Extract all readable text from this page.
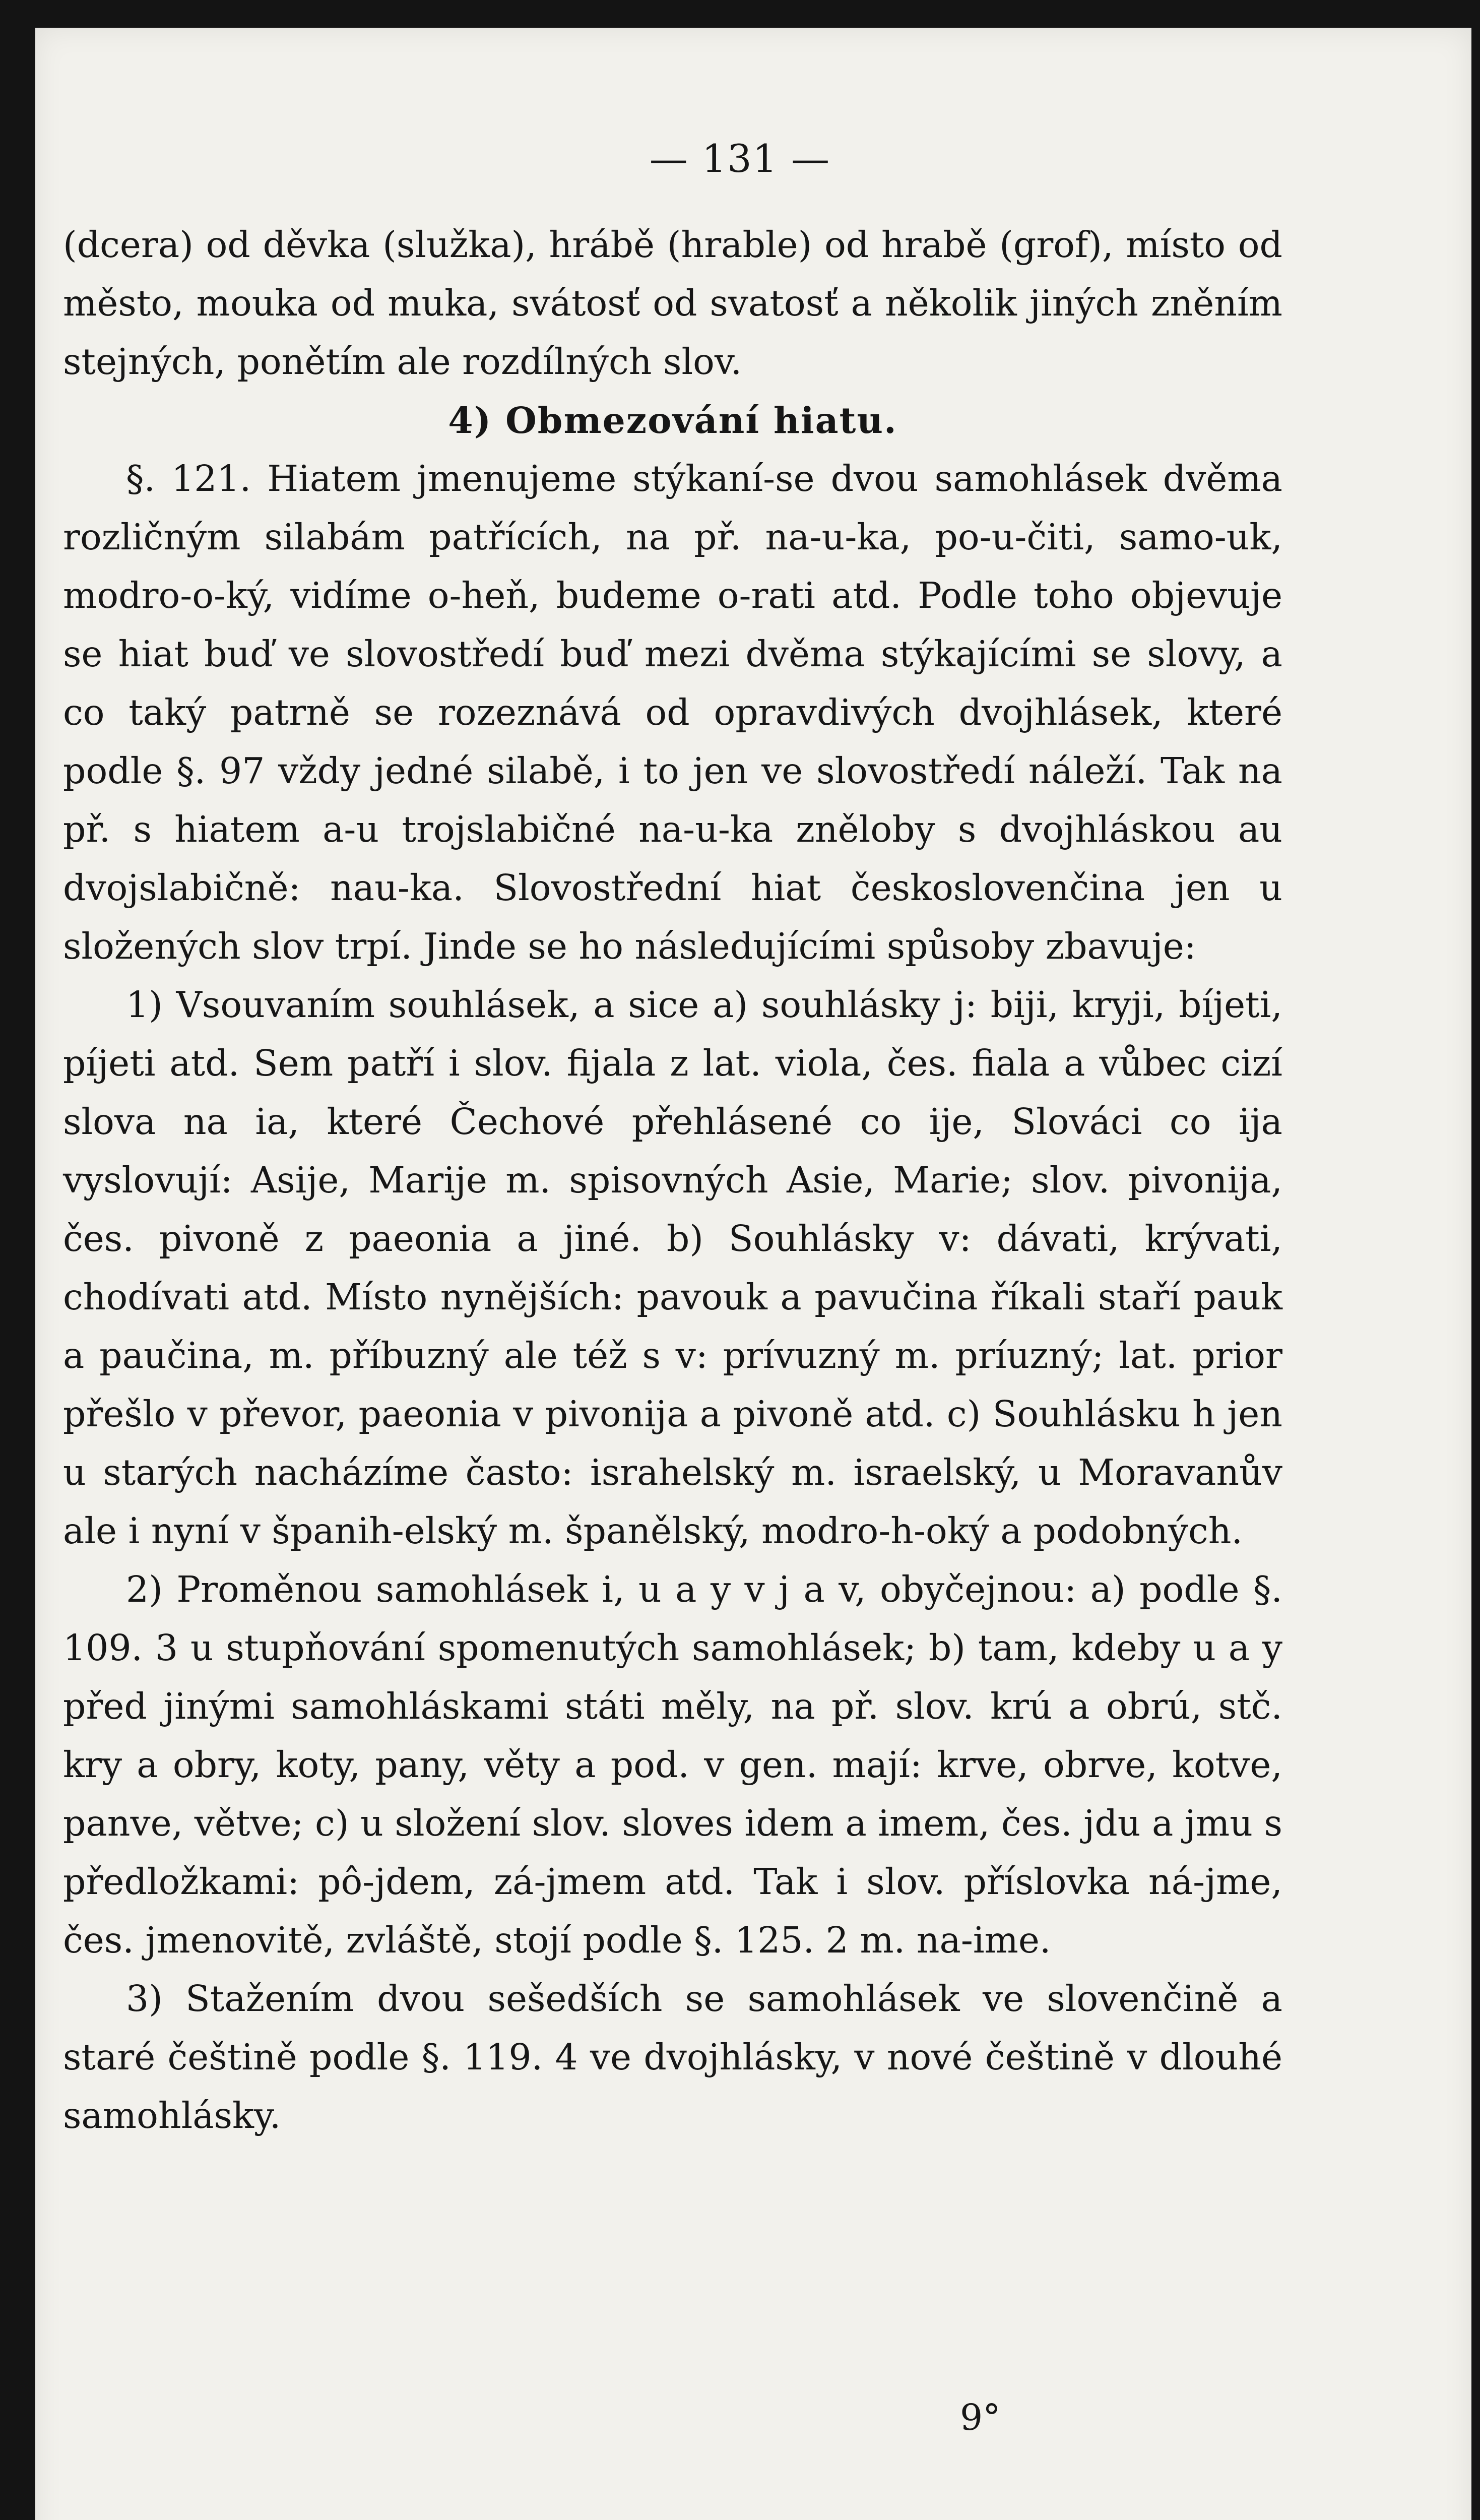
— 131 —

(dcera) od děvka (služka), hrábě (hrable) od hrabě (grof), místo od město, mouka od muka, svátosť od svatosť a několik jiných zněním stejných, ponětím ale rozdílných slov.

4) Obmezování hiatu.

§. 121. Hiatem jmenujeme stýkaní-se dvou samohlásek dvěma rozličným silabám patřících, na př. na-u-ka, po-u-čiti, samo-uk, modro-o-ký, vidíme o-heň, budeme o-rati atd. Podle toho objevuje se hiat buď ve slovostředí buď mezi dvěma stýkajícími se slovy, a co taký patrně se rozeznává od opravdivých dvojhlásek, které podle §. 97 vždy jedné silabě, i to jen ve slovostředí náleží. Tak na př. s hiatem a-u trojslabičné na-u-ka zněloby s dvojhláskou au dvojslabičně: nau-ka. Slovostřední hiat českoslovenčina jen u složených slov trpí. Jinde se ho následujícími spůsoby zbavuje:

1) Vsouvaním souhlásek, a sice a) souhlásky j: biji, kryji, bíjeti, píjeti atd. Sem patří i slov. fijala z lat. viola, čes. fiala a vůbec cizí slova na ia, které Čechové přehlásené co ije, Slováci co ija vyslovují: Asije, Marije m. spisovných Asie, Marie; slov. pivonija, čes. pivoně z paeonia a jiné. b) Souhlásky v: dávati, krývati, chodívati atd. Místo nynějších: pavouk a pavučina říkali staří pauk a paučina, m. příbuzný ale též s v: prívuzný m. príuzný; lat. prior přešlo v převor, paeonia v pivonija a pivoně atd. c) Souhlásku h jen u starých nacházíme často: israhelský m. israelský, u Moravanův ale i nyní v španih-elský m. španělský, modro-h-oký a podobných.

2) Proměnou samohlásek i, u a y v j a v, obyčejnou: a) podle §. 109. 3 u stupňování spomenutých samohlásek; b) tam, kdeby u a y před jinými samohláskami státi měly, na př. slov. krú a obrú, stč. kry a obry, koty, pany, věty a pod. v gen. mají: krve, obrve, kotve, panve, větve; c) u složení slov. sloves idem a imem, čes. jdu a jmu s předložkami: pô-jdem, zá-jmem atd. Tak i slov. příslovka ná-jme, čes. jmenovitě, zvláště, stojí podle §. 125. 2 m. na-ime.

3) Stažením dvou sešedších se samohlásek ve slovenčině a staré češtině podle §. 119. 4 ve dvojhlásky, v nové češtině v dlouhé samohlásky.

9°
